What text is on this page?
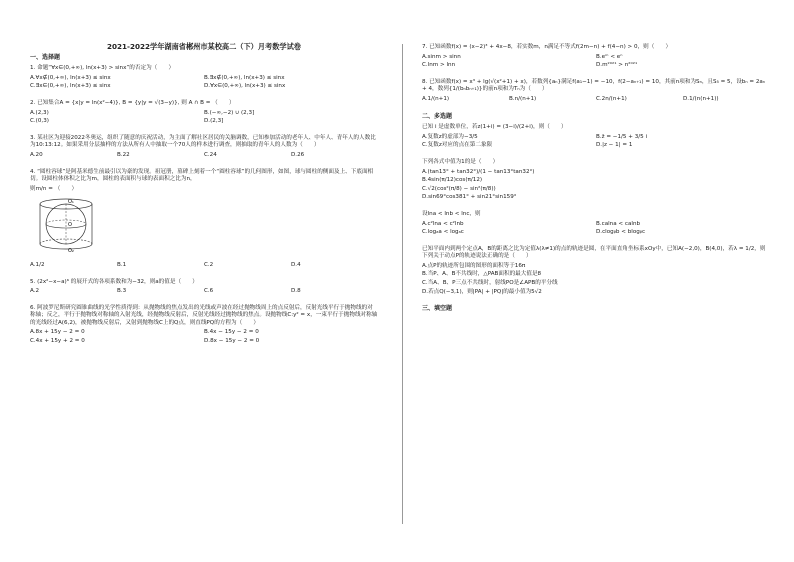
2021-2022学年湖南省郴州市某校高二（下）月考数学试卷
一、选择题
1. 命题“∀x∈(0,+∞), ln(x+3) > sinx”的否定为（　　）
A.∀x∉(0,+∞), ln(x+3) ≤ sinx	B.∃x∉(0,+∞), ln(x+3) ≤ sinx
C.∃x∈(0,+∞), ln(x+3) ≤ sinx	D.∀x∈(0,+∞), ln(x+3) ≤ sinx
2. 已知集合A = {x|y = ln(x²−4)}, B = {y|y = √(3−y)}, 则 A ∩ B = （　　）
A.(2,3)	B.(−∞,−2) ∪ (2,3]
C.(0,3)	D.(2,3]
3. 某社区为迎接2022冬奥运，组织了随意的庆祝活动，为主面了解社区居民的关脑调数，已知参加活动的老年人、中年人、青年人的人数比为10:13:12。如果采用分层抽样的方法从所有人中抽取一个70人的样本进行调查，则抽取的青年人的人数为（　　）
A.20	B.22	C.24	D.26
4. “圆柱容球”是阿基米德生前最引以为豪的发现。祖冠册，墓碑上刻着一个“圆柱容球”的几何图形，如图，球与圆柱的侧面及上、下底面相切。设圆柱体体积之比为m，圆柱的表面积与球的表面积之比为n，
则m/n = （　　）
O₁
O
O₂
A.1/2	B.1	C.2	D.4
5. (2x²−x−a)⁶ 的展开式的各项系数和为−32，则a的值是（　　）
A.2	B.3	C.6	D.8
6. 阿波罗尼斯研究圆锥曲线的光学性质得到：从抛物线的焦点发出的光线或声波在经过抛物线周上的点反射后，反射光线平行于抛物线的对称轴；反之，平行于抛物线对称轴的入射光线，经抛物线反射后，反射光线经过抛物线的焦点。设抛物线C:y² = x，一束平行于抛物线对称轴的光线经过A(6,2)，被抛物线反射后，又射到抛物线C上的Q点，则直线PQ的方程为（　　）
A.8x + 15y − 2 = 0	B.4x − 15y − 2 = 0
C.4x + 15y + 2 = 0	D.8x − 15y − 2 = 0
7. 已知函数f(x) = (x−2)³ + 4x−8，若实数m，n满足不等式f(2m−n) + f(4−n) > 0，则（　　）
A.sinm > sinn	B.eᵐ < eⁿ
C.lnm > lnn	D.m²⁰²¹ > n²⁰²¹
8. 已知函数f(x) = x³ + lg(√(x²+1) + x)，若数列{aₙ}满足f(a₁−1) = −10，f(2−aₙ₊₁) = 10，其前n项和为Sₙ，且S₅ = 5，设bₙ = 2aₙ + 4，数列{1/(bₙbₙ₊₁)}的前n项和为Tₙ为（　　）
A.1/(n+1)	B.n/(n+1)	C.2n/(n+1)	D.1/(n(n+1))
二、多选题
已知 i 是虚数单位，若z(1+i) = (3−i)/(2+i)，则（　　）
A.复数z的虚部为−3/5	B.z̄ = −1/5 + 3/5 i
C.复数z对应的点在第二象限	D.|z − 1| = 1
下列各式中值为1的是（　　）
A.(tan13° + tan32°)/(1 − tan13°tan32°)
B.4sin(π/12)cos(π/12)
C.√2(cos²(π/8) − sin²(π/8))
D.sin69°cos381° + sin21°sin159°
设lna < lnb < lnc，则
A.c²lna < c²lnb	B.calna < calnb
C.logₐa < logₐc	D.clogᵦb < blogᵦc
已知平面内到两个定点A，B的距离之比为定值λ(λ≠1)的点的轨迹是圆，在平面直角坐标系xOy中，已知A(−2,0)，B(4,0)，若λ = 1/2，则下列关于动点P的轨迹说法正确的是（　　）
A.点P的轨迹所包围的图形的面积等于16π
B.当P、A、B不共线时，△PAB面积的最大值是8
C.当A、B、P三点不共线时，射线PO是∠APB的平分线
D.若点Q(−3,1)，则|PA| + |PQ|的最小值为5√2
三、填空题
